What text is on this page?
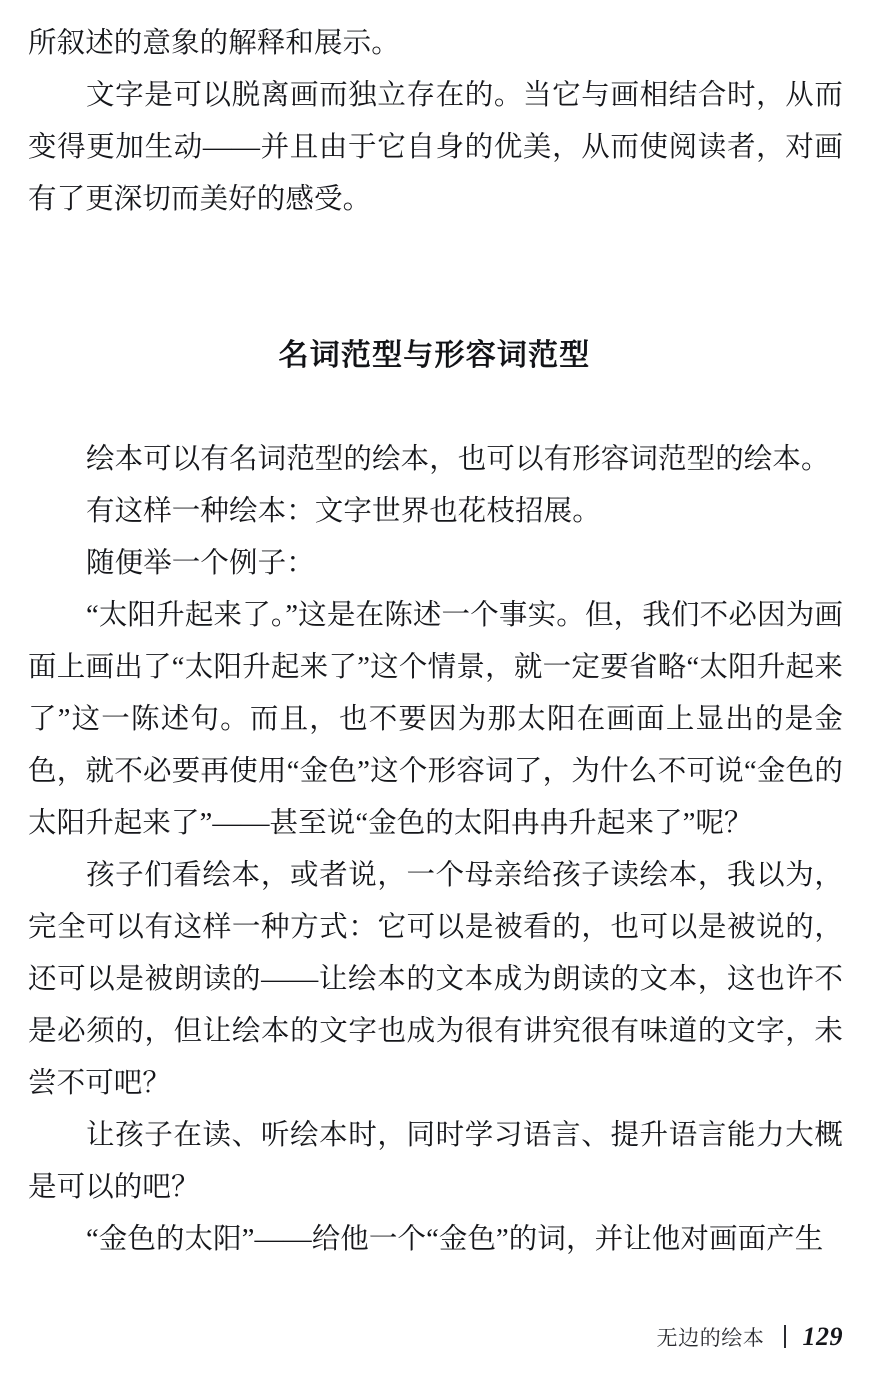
所叙述的意象的解释和展示。

文字是可以脱离画而独立存在的。当它与画相结合时，从而变得更加生动——并且由于它自身的优美，从而使阅读者，对画有了更深切而美好的感受。

名词范型与形容词范型

绘本可以有名词范型的绘本，也可以有形容词范型的绘本。

有这样一种绘本：文字世界也花枝招展。

随便举一个例子：

“太阳升起来了。”这是在陈述一个事实。但，我们不必因为画面上画出了“太阳升起来了”这个情景，就一定要省略“太阳升起来了”这一陈述句。而且，也不要因为那太阳在画面上显出的是金色，就不必要再使用“金色”这个形容词了，为什么不可说“金色的太阳升起来了”——甚至说“金色的太阳冉冉升起来了”呢？

孩子们看绘本，或者说，一个母亲给孩子读绘本，我以为，完全可以有这样一种方式：它可以是被看的，也可以是被说的，还可以是被朗读的——让绘本的文本成为朗读的文本，这也许不是必须的，但让绘本的文字也成为很有讲究很有味道的文字，未尝不可吧？

让孩子在读、听绘本时，同时学习语言、提升语言能力大概是可以的吧？

“金色的太阳”——给他一个“金色”的词，并让他对画面产生

无边的绘本 129
